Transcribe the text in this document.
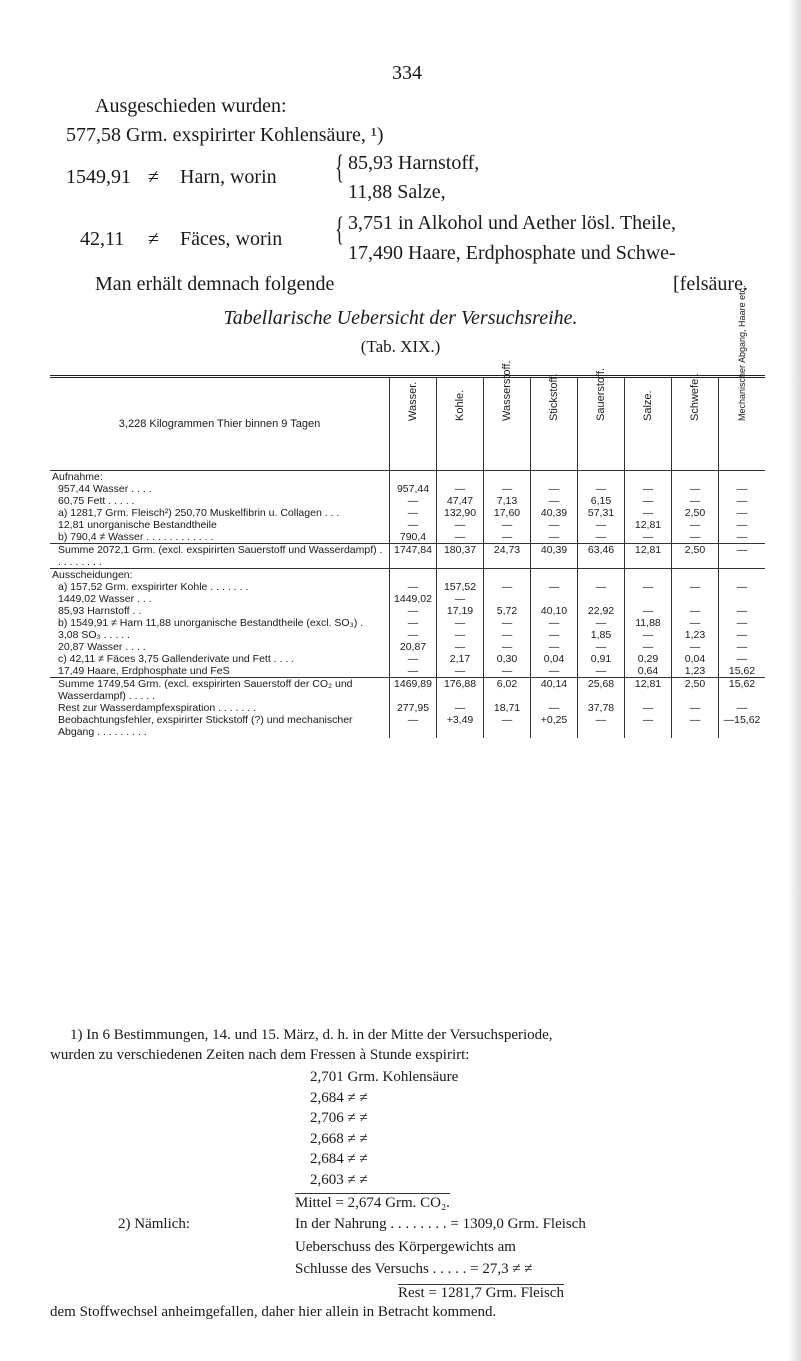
334
Ausgeschieden wurden:
577,58 Grm. exspirirter Kohlensäure, ¹)
1549,91 ≠ Harn, worin { 85,93 Harnstoff,
11,88 Salze,
42,11 ≠ Fäces, worin { 3,751 in Alkohol und Aether lösl. Theile,
17,490 Haare, Erdphosphate und Schwe-
Man erhält demnach folgende	[felsäure.
Tabellarische Uebersicht der Versuchsreihe.
(Tab. XIX.)
3,228 Kilogrammen Thier binnen 9 Tagen	Wasser.	Kohle.	Wasserstoff.	Stickstoff.	Sauerstoff.	Salze.	Schwefel.	Mechanischer Abgang, Haare etc.

Aufnahme:								
957,44 Wasser . . . .	957,44	—	—	—	—	—	—	—
60,75 Fett . . . . .	—	47,47	7,13	—	6,15	—	—	—
a) 1281,7 Grm. Fleisch²) 250,70 Muskelfibrin u. Collagen . . .	—	132,90	17,60	40,39	57,31	—	2,50	—
12,81 unorganische Bestandtheile	—	—	—	—	—	12,81	—	—
b) 790,4 ≠ Wasser . . . . . . . . . . . .	790,4	—	—	—	—	—	—	—
Summe 2072,1 Grm. (excl. exspirirten Sauerstoff und Wasserdampf) . . . . . . . . .	1747,84	180,37	24,73	40,39	63,46	12,81	2,50	—
Ausscheidungen:								
a) 157,52 Grm. exspirirter Kohle . . . . . . .	—	157,52	—	—	—	—	—	—
1449,02 Wasser . . .	1449,02	—						
85,93 Harnstoff . .	—	17,19	5,72	40,10	22,92	—	—	—
b) 1549,91 ≠ Harn 11,88 unorganische Bestandtheile (excl. SO₃) .	—	—	—	—	—	11,88	—	—
3,08 SO₃ . . . . .	—	—	—	—	1,85	—	1,23	—
20,87 Wasser . . . .	20,87	—	—	—	—	—	—	—
c) 42,11 ≠ Fäces 3,75 Gallenderivate und Fett . . . .	—	2,17	0,30	0,04	0,91	0,29	0,04	—
17,49 Haare, Erdphosphate und FeS	—	—	—	—	—	0,64	1,23	15,62
Summe 1749,54 Grm. (excl. exspirirten Sauerstoff der CO₂ und Wasserdampf) . . . . .	1469,89	176,88	6,02	40,14	25,68	12,81	2,50	15,62
Rest zur Wasserdampfexspiration . . . . . . .	277,95	—	18,71	—	37,78	—	—	—
Beobachtungsfehler, exspirirter Stickstoff (?) und mechanischer Abgang . . . . . . . . .	—	+3,49	—	+0,25	—	—	—	—15,62
1) In 6 Bestimmungen, 14. und 15. März, d. h. in der Mitte der Versuchsperiode,
wurden zu verschiedenen Zeiten nach dem Fressen à Stunde exspirirt:
2,701 Grm. Kohlensäure
2,684 ≠ ≠
2,706 ≠ ≠
2,668 ≠ ≠
2,684 ≠ ≠
2,603 ≠ ≠
Mittel = 2,674 Grm. CO₂.
2) Nämlich:	In der Nahrung . . . . . . . . = 1309,0 Grm. Fleisch
Ueberschuss des Körpergewichts am
Schlusse des Versuchs . . . . . = 27,3 ≠ ≠
Rest = 1281,7 Grm. Fleisch
dem Stoffwechsel anheimgefallen, daher hier allein in Betracht kommend.
